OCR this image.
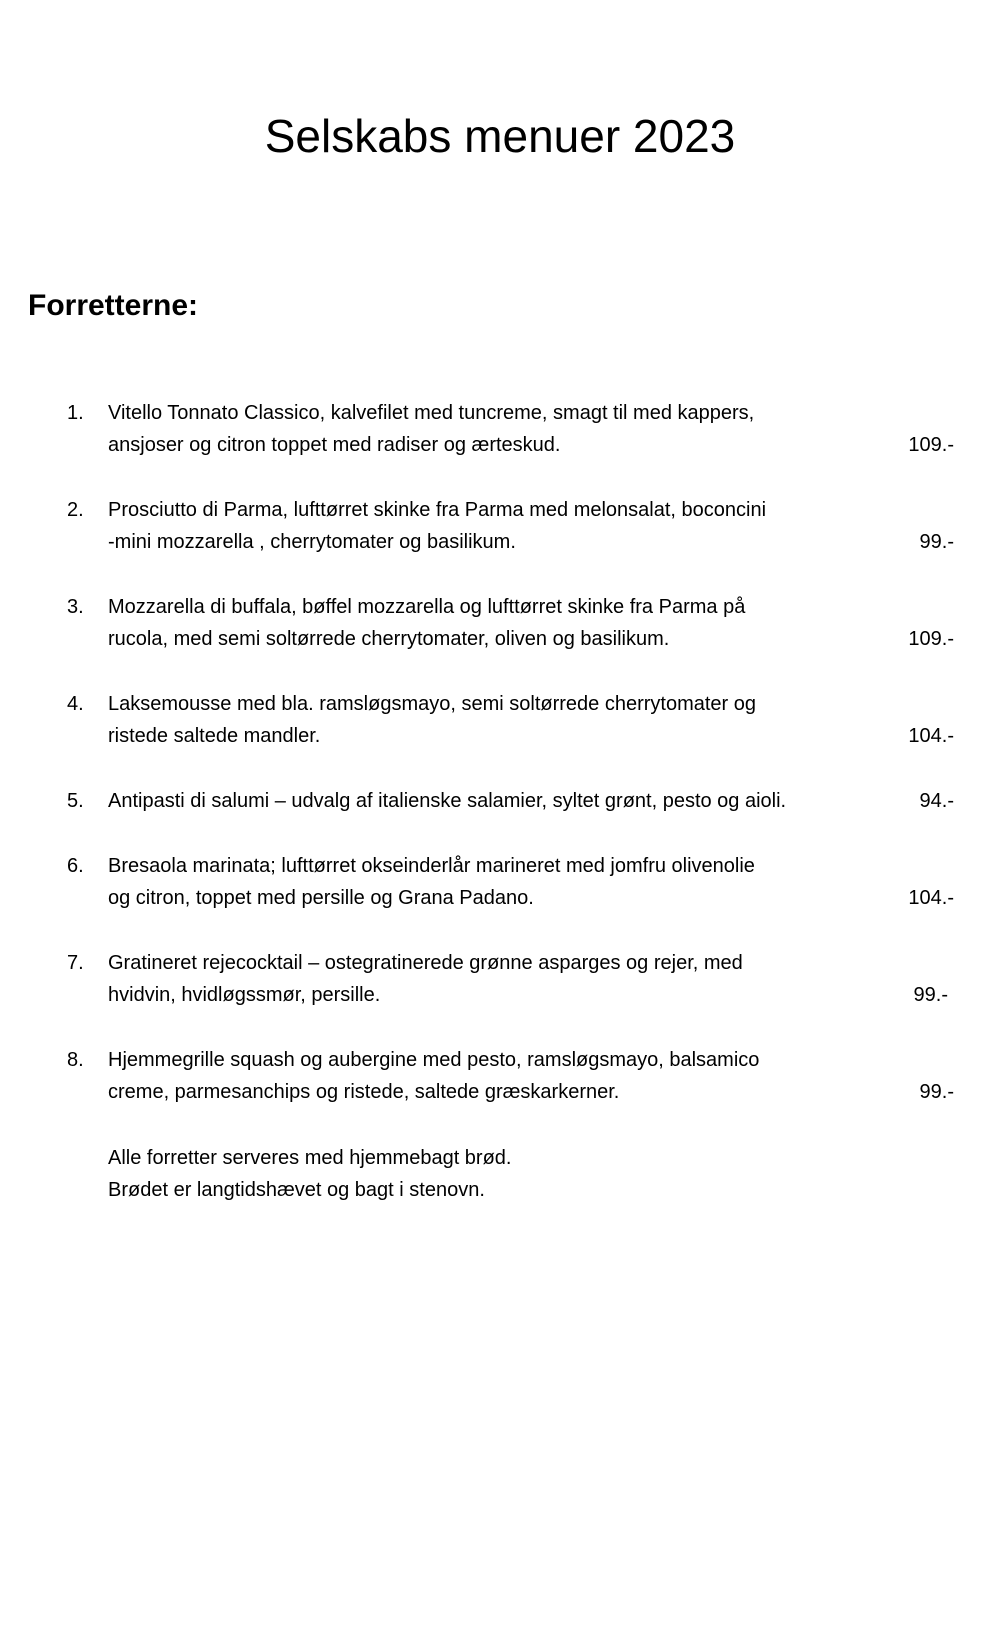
Selskabs menuer 2023
Forretterne:
1. Vitello Tonnato Classico, kalvefilet med tuncreme, smagt til med kappers,
ansjoser og citron toppet med radiser og ærteskud.	109.-
2. Prosciutto di Parma, lufttørret skinke fra Parma med melonsalat, boconcini
-mini mozzarella , cherrytomater og basilikum.	99.-
3. Mozzarella di buffala, bøffel mozzarella og lufttørret skinke fra Parma på
rucola, med semi soltørrede cherrytomater, oliven og basilikum.	109.-
4. Laksemousse med bla. ramsløgsmayo, semi soltørrede cherrytomater og
ristede saltede mandler.	104.-
5. Antipasti di salumi – udvalg af italienske salamier, syltet grønt, pesto og aioli.	94.-
6. Bresaola marinata; lufttørret okseinderlår marineret med jomfru olivenolie
og citron, toppet med persille og Grana Padano.	104.-
7. Gratineret rejecocktail – ostegratinerede grønne asparges og rejer, med
hvidvin, hvidløgssmør, persille.	99.-
8. Hjemmegrille squash og aubergine med pesto, ramsløgsmayo, balsamico
creme, parmesanchips og ristede, saltede græskarkerner.	99.-
Alle forretter serveres med hjemmebagt brød.
Brødet er langtidshævet og bagt i stenovn.
